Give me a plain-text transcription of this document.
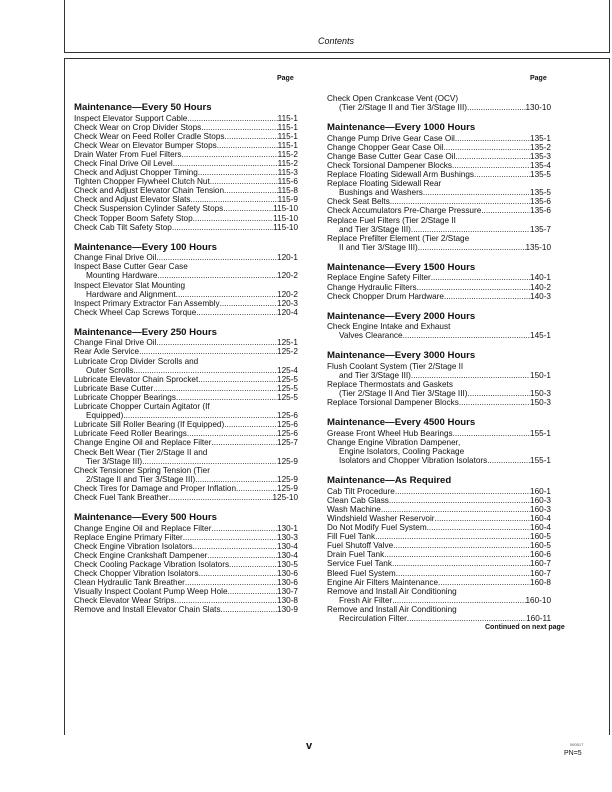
Contents
Page	Page
Maintenance—Every 50 Hours
Inspect Elevator Support Cable .....	115-1
Check Wear on Crop Divider Stops .....	115-1
Check Wear on Feed Roller Cradle Stops .....	115-1
Check Wear on Elevator Bumper Stops .....	115-1
Drain Water From Fuel Filters .....	115-2
Check Final Drive Oil Level .....	115-2
Check and Adjust Chopper Timing .....	115-3
Tighten Chopper Flywheel Clutch Nut .....	115-6
Check and Adjust Elevator Chain Tension .....	115-8
Check and Adjust Elevator Slats .....	115-9
Check Suspension Cylinder Safety Stops .....	115-10
Check Topper Boom Safety Stop .....	115-10
Check Cab Tilt Safety Stop .....	115-10
Maintenance—Every 100 Hours
Change Final Drive Oil .....	120-1
Inspect Base Cutter Gear Case
Mounting Hardware .....	120-2
Inspect Elevator Slat Mounting
Hardware and Alignment .....	120-2
Inspect Primary Extractor Fan Assembly .....	120-3
Check Wheel Cap Screws Torque .....	120-4
Maintenance—Every 250 Hours
Change Final Drive Oil .....	125-1
Rear Axle Service .....	125-2
Lubricate Crop Divider Scrolls and
Outer Scrolls .....	125-4
Lubricate Elevator Chain Sprocket .....	125-5
Lubricate Base Cutter .....	125-5
Lubricate Chopper Bearings .....	125-5
Lubricate Chopper Curtain Agitator (If
Equipped) .....	125-6
Lubricate Sill Roller Bearing (If Equipped) .....	125-6
Lubricate Feed Roller Bearings .....	125-6
Change Engine Oil and Replace Filter .....	125-7
Check Belt Wear (Tier 2/Stage II and
Tier 3/Stage III) .....	125-9
Check Tensioner Spring Tension (Tier
2/Stage II and Tier 3/Stage III) .....	125-9
Check Tires for Damage and Proper Inflation .....	125-9
Check Fuel Tank Breather .....	125-10
Maintenance—Every 500 Hours
Change Engine Oil and Replace Filter .....	130-1
Replace Engine Primary Filter .....	130-3
Check Engine Vibration Isolators .....	130-4
Check Engine Crankshaft Dampener .....	130-4
Check Cooling Package Vibration Isolators .....	130-5
Check Chopper Vibration Isolators .....	130-6
Clean Hydraulic Tank Breather .....	130-6
Visually Inspect Coolant Pump Weep Hole .....	130-7
Check Elevator Wear Strips .....	130-8
Remove and Install Elevator Chain Slats .....	130-9
Check Open Crankcase Vent (OCV)
(Tier 2/Stage II and Tier 3/Stage III) .....	130-10
Maintenance—Every 1000 Hours
Change Pump Drive Gear Case Oil .....	135-1
Change Chopper Gear Case Oil .....	135-2
Change Base Cutter Gear Case Oil .....	135-3
Check Torsional Dampener Blocks .....	135-4
Replace Floating Sidewall Arm Bushings .....	135-5
Replace Floating Sidewall Rear
Bushings and Washers .....	135-5
Check Seat Belts .....	135-6
Check Accumulators Pre-Charge Pressure .....	135-6
Replace Fuel Filters (Tier 2/Stage II
and Tier 3/Stage III) .....	135-7
Replace Prefilter Element (Tier 2/Stage
II and Tier 3/Stage III) .....	135-10
Maintenance—Every 1500 Hours
Replace Engine Safety Filter .....	140-1
Change Hydraulic Filters .....	140-2
Check Chopper Drum Hardware .....	140-3
Maintenance—Every 2000 Hours
Check Engine Intake and Exhaust
Valves Clearance .....	145-1
Maintenance—Every 3000 Hours
Flush Coolant System (Tier 2/Stage II
and Tier 3/Stage III) .....	150-1
Replace Thermostats and Gaskets
(Tier 2/Stage II And Tier 3/Stage III) .....	150-3
Replace Torsional Dampener Blocks .....	150-3
Maintenance—Every 4500 Hours
Grease Front Wheel Hub Bearings .....	155-1
Change Engine Vibration Dampener,
Engine Isolators, Cooling Package
Isolators and Chopper Vibration Isolators .....	155-1
Maintenance—As Required
Cab Tilt Procedure .....	160-1
Clean Cab Glass .....	160-3
Wash Machine .....	160-3
Windshield Washer Reservoir .....	160-4
Do Not Modify Fuel System .....	160-4
Fill Fuel Tank .....	160-5
Fuel Shutoff Valve .....	160-5
Drain Fuel Tank .....	160-6
Service Fuel Tank .....	160-7
Bleed Fuel System .....	160-7
Engine Air Filters Maintenance .....	160-8
Remove and Install Air Conditioning
Fresh Air Filter .....	160-10
Remove and Install Air Conditioning
Recirculation Filter .....	160-11
Continued on next page
v	060517
PN=5
